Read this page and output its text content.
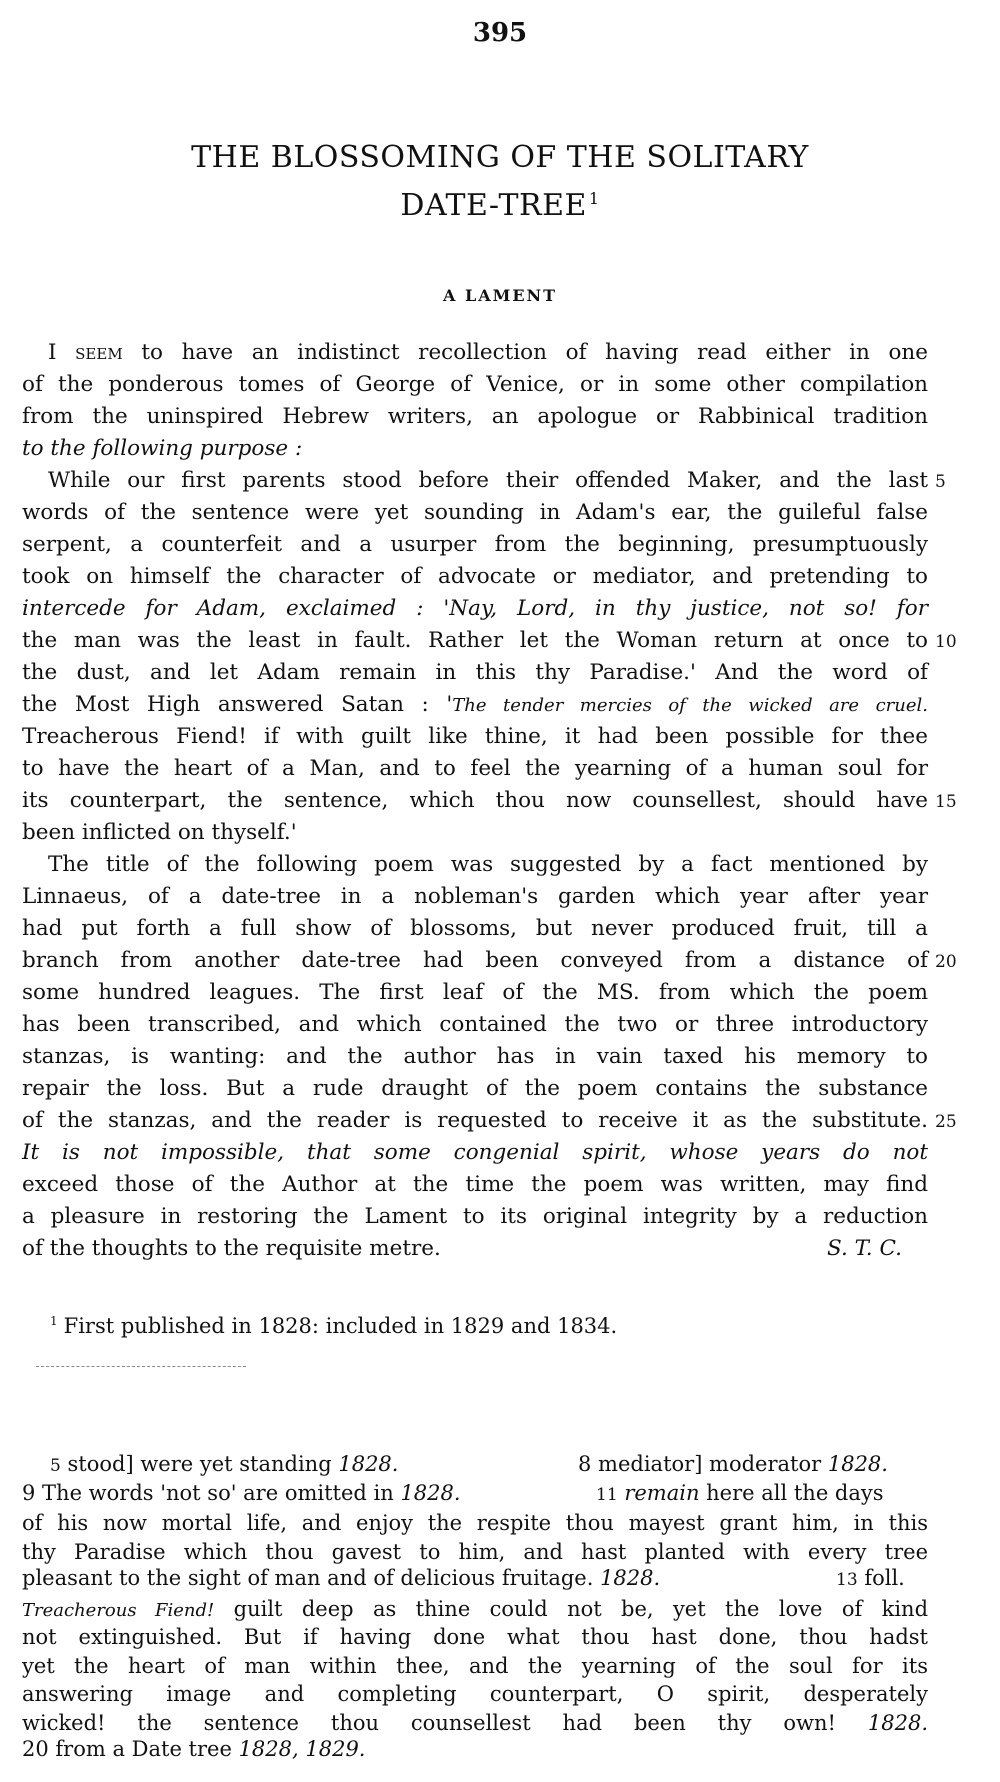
395
THE BLOSSOMING OF THE SOLITARY
DATE-TREE $^1$
A LAMENT
I seem to have an indistinct recollection of having read either in one
of the ponderous tomes of George of Venice, or in some other compilation
from the uninspired Hebrew writers, an apologue or Rabbinical tradition
to the following purpose :
While our first parents stood before their offended Maker, and the last
words of the sentence were yet sounding in Adam's ear, the guileful false
serpent, a counterfeit and a usurper from the beginning, presumptuously
took on himself the character of advocate or mediator, and pretending to
intercede for Adam, exclaimed : 'Nay, Lord, in thy justice, not so! for
the man was the least in fault. Rather let the Woman return at once to
the dust, and let Adam remain in this thy Paradise.' And the word of
the Most High answered Satan : 'The tender mercies of the wicked are cruel.
Treacherous Fiend! if with guilt like thine, it had been possible for thee
to have the heart of a Man, and to feel the yearning of a human soul for
its counterpart, the sentence, which thou now counsellest, should have
been inflicted on thyself.'
The title of the following poem was suggested by a fact mentioned by
Linnaeus, of a date-tree in a nobleman's garden which year after year
had put forth a full show of blossoms, but never produced fruit, till a
branch from another date-tree had been conveyed from a distance of
some hundred leagues. The first leaf of the MS. from which the poem
has been transcribed, and which contained the two or three introductory
stanzas, is wanting: and the author has in vain taxed his memory to
repair the loss. But a rude draught of the poem contains the substance
of the stanzas, and the reader is requested to receive it as the substitute.
It is not impossible, that some congenial spirit, whose years do not
exceed those of the Author at the time the poem was written, may find
a pleasure in restoring the Lament to its original integrity by a reduction
of the thoughts to the requisite metre.	S. T. C.
5
10
15
20
25
$^1$ First published in 1828: included in 1829 and 1834.
5 stood] were yet standing 1828.	8 mediator] moderator 1828.
9 The words 'not so' are omitted in 1828.	11 remain here all the days
of his now mortal life, and enjoy the respite thou mayest grant him, in this
thy Paradise which thou gavest to him, and hast planted with every tree
pleasant to the sight of man and of delicious fruitage. 1828.	13 foll.
Treacherous Fiend! guilt deep as thine could not be, yet the love of kind
not extinguished. But if having done what thou hast done, thou hadst
yet the heart of man within thee, and the yearning of the soul for its
answering image and completing counterpart, O spirit, desperately
wicked! the sentence thou counsellest had been thy own! 1828.
20 from a Date tree 1828, 1829.
